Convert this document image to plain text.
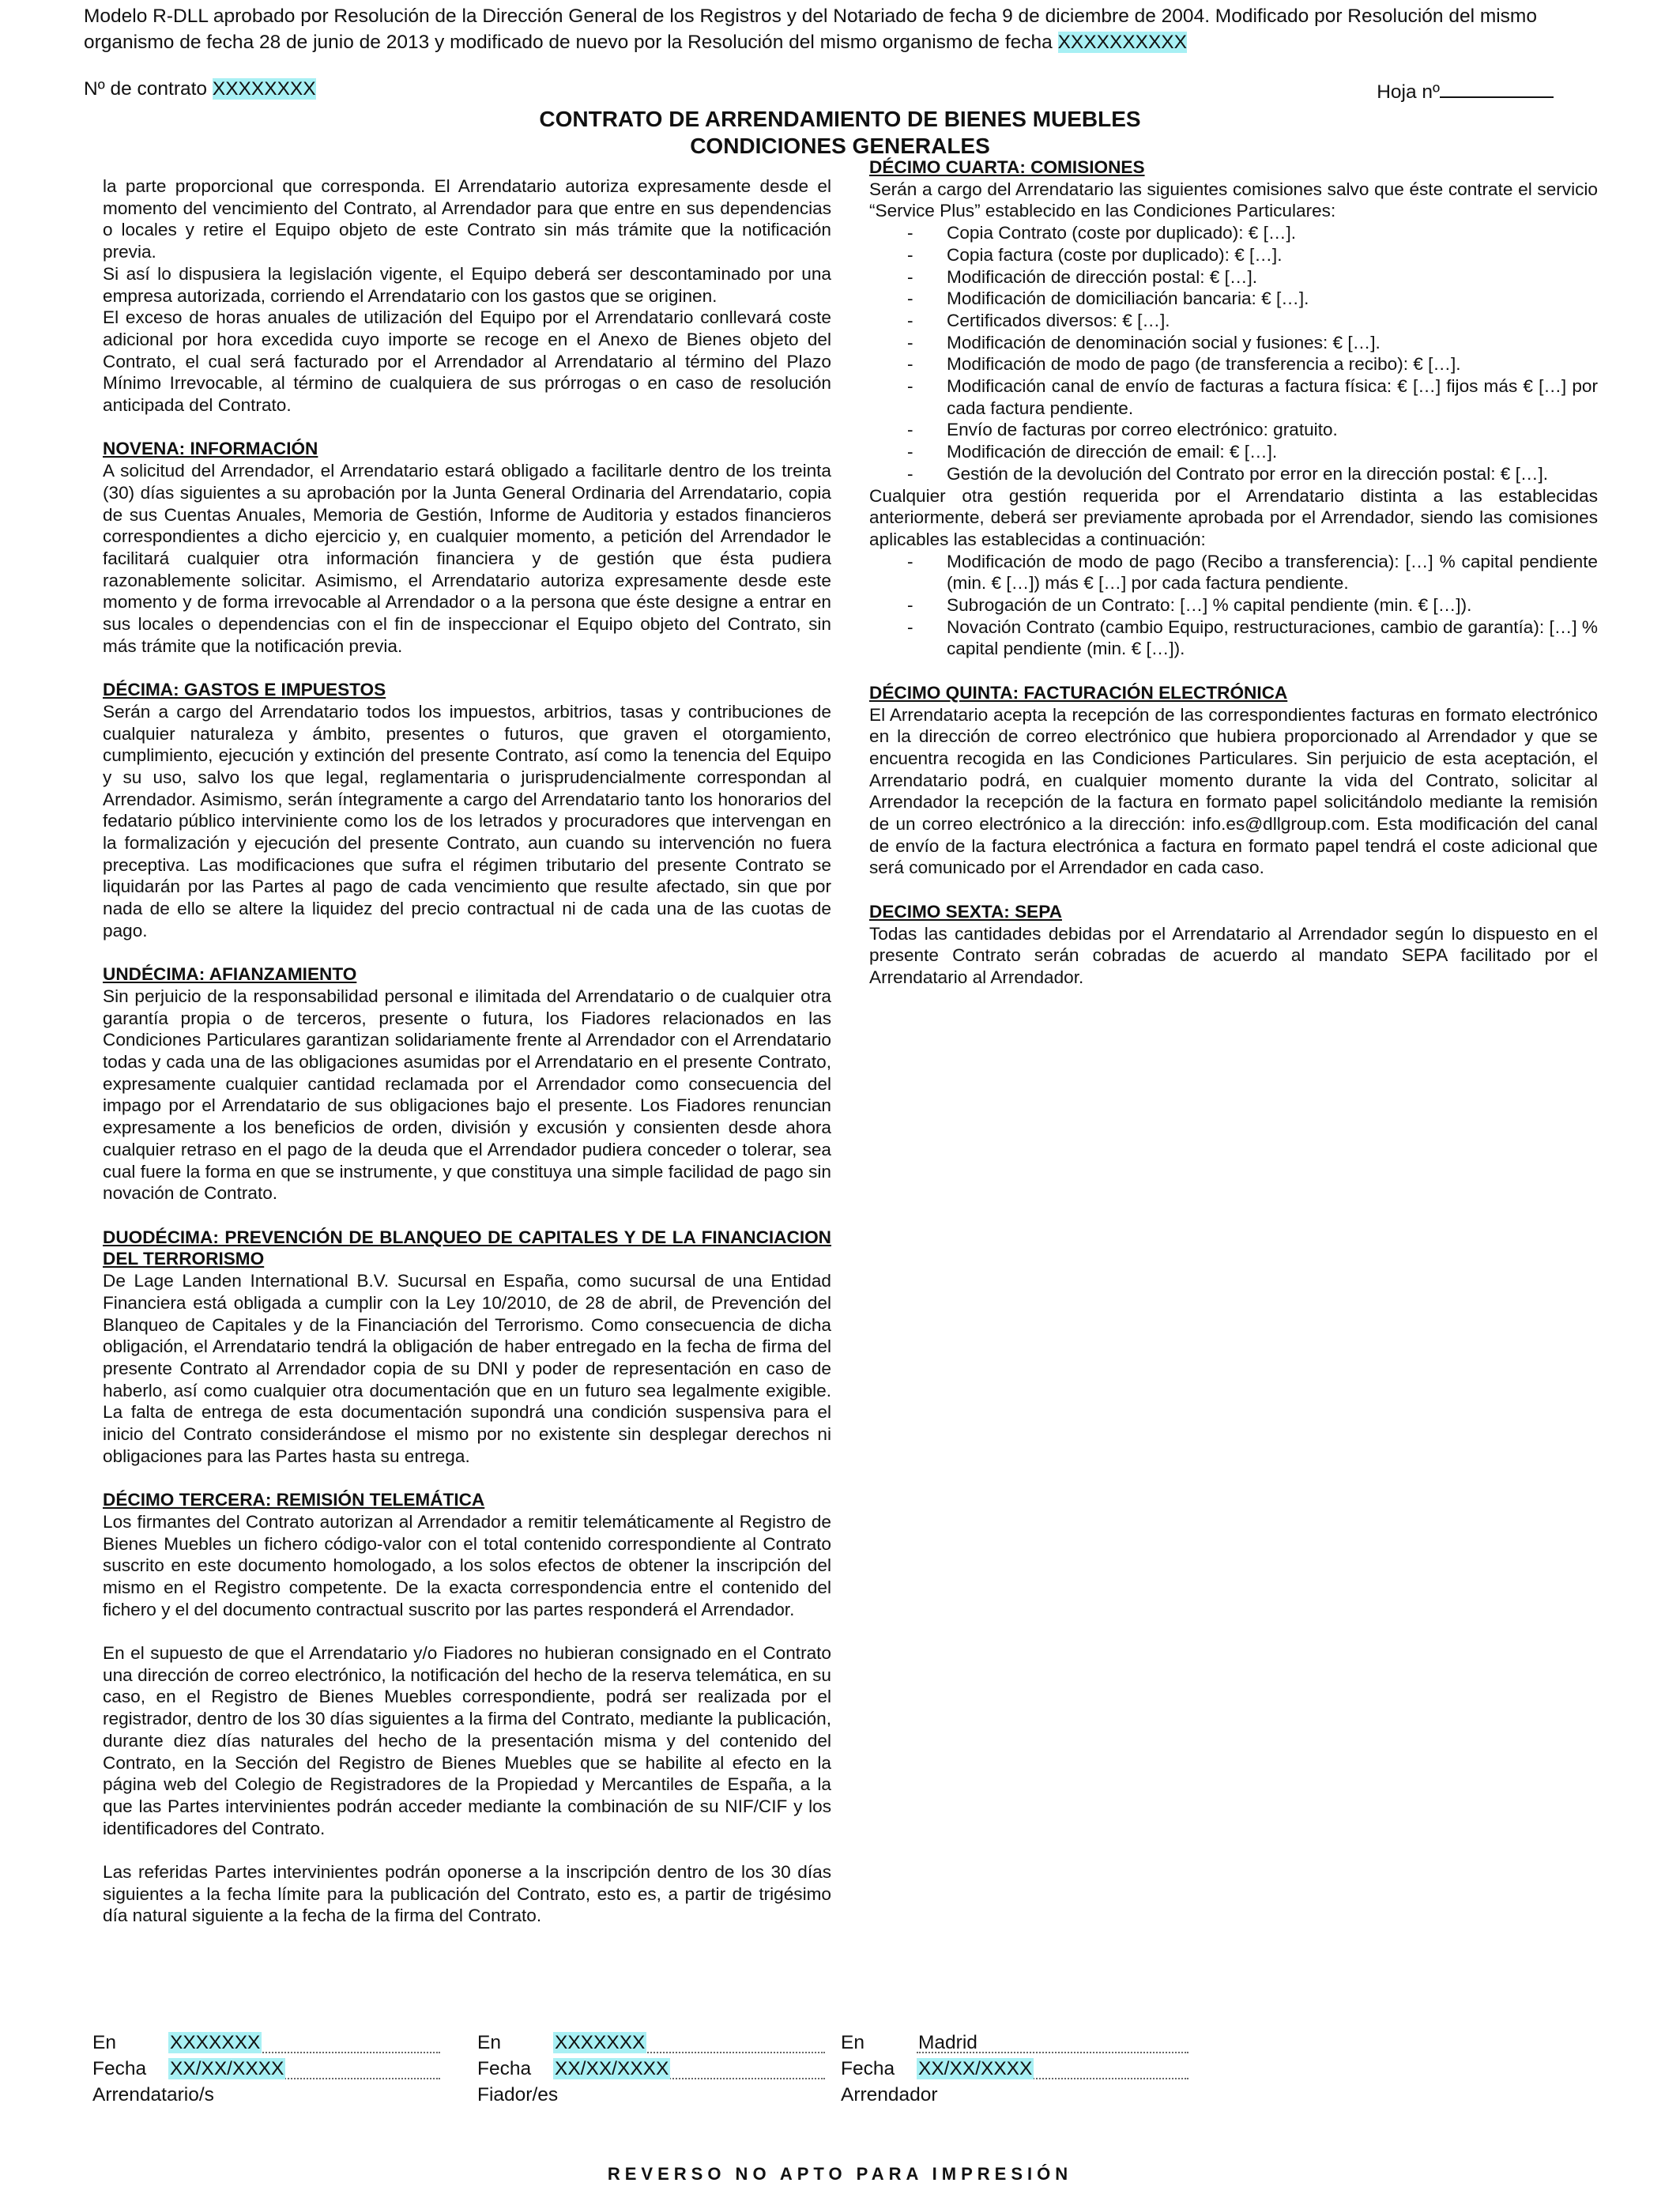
Modelo R-DLL aprobado por Resolución de la Dirección General de los Registros y del Notariado de fecha 9 de diciembre de 2004. Modificado por Resolución del mismo organismo de fecha 28 de junio de 2013 y modificado de nuevo por la Resolución del mismo organismo de fecha XXXXXXXXXX
Nº de contrato XXXXXXXX	Hoja nº
CONTRATO DE ARRENDAMIENTO DE BIENES MUEBLES
CONDICIONES GENERALES

la parte proporcional que corresponda. El Arrendatario autoriza expresamente desde el momento del vencimiento del Contrato, al Arrendador para que entre en sus dependencias o locales y retire el Equipo objeto de este Contrato sin más trámite que la notificación previa.

Si así lo dispusiera la legislación vigente, el Equipo deberá ser descontaminado por una empresa autorizada, corriendo el Arrendatario con los gastos que se originen.

El exceso de horas anuales de utilización del Equipo por el Arrendatario conllevará coste adicional por hora excedida cuyo importe se recoge en el Anexo de Bienes objeto del Contrato, el cual será facturado por el Arrendador al Arrendatario al término del Plazo Mínimo Irrevocable, al término de cualquiera de sus prórrogas o en caso de resolución anticipada del Contrato.

NOVENA: INFORMACIÓN

A solicitud del Arrendador, el Arrendatario estará obligado a facilitarle dentro de los treinta (30) días siguientes a su aprobación por la Junta General Ordinaria del Arrendatario, copia de sus Cuentas Anuales, Memoria de Gestión, Informe de Auditoria y estados financieros correspondientes a dicho ejercicio y, en cualquier momento, a petición del Arrendador le facilitará cualquier otra información financiera y de gestión que ésta pudiera razonablemente solicitar. Asimismo, el Arrendatario autoriza expresamente desde este momento y de forma irrevocable al Arrendador o a la persona que éste designe a entrar en sus locales o dependencias con el fin de inspeccionar el Equipo objeto del Contrato, sin más trámite que la notificación previa.

DÉCIMA: GASTOS E IMPUESTOS

Serán a cargo del Arrendatario todos los impuestos, arbitrios, tasas y contribuciones de cualquier naturaleza y ámbito, presentes o futuros, que graven el otorgamiento, cumplimiento, ejecución y extinción del presente Contrato, así como la tenencia del Equipo y su uso, salvo los que legal, reglamentaria o jurisprudencialmente correspondan al Arrendador. Asimismo, serán íntegramente a cargo del Arrendatario tanto los honorarios del fedatario público interviniente como los de los letrados y procuradores que intervengan en la formalización y ejecución del presente Contrato, aun cuando su intervención no fuera preceptiva. Las modificaciones que sufra el régimen tributario del presente Contrato se liquidarán por las Partes al pago de cada vencimiento que resulte afectado, sin que por nada de ello se altere la liquidez del precio contractual ni de cada una de las cuotas de pago.

UNDÉCIMA: AFIANZAMIENTO

Sin perjuicio de la responsabilidad personal e ilimitada del Arrendatario o de cualquier otra garantía propia o de terceros, presente o futura, los Fiadores relacionados en las Condiciones Particulares garantizan solidariamente frente al Arrendador con el Arrendatario todas y cada una de las obligaciones asumidas por el Arrendatario en el presente Contrato, expresamente cualquier cantidad reclamada por el Arrendador como consecuencia del impago por el Arrendatario de sus obligaciones bajo el presente. Los Fiadores renuncian expresamente a los beneficios de orden, división y excusión y consienten desde ahora cualquier retraso en el pago de la deuda que el Arrendador pudiera conceder o tolerar, sea cual fuere la forma en que se instrumente, y que constituya una simple facilidad de pago sin novación de Contrato.

DUODÉCIMA: PREVENCIÓN DE BLANQUEO DE CAPITALES Y DE LA FINANCIACION DEL TERRORISMO

De Lage Landen International B.V. Sucursal en España, como sucursal de una Entidad Financiera está obligada a cumplir con la Ley 10/2010, de 28 de abril, de Prevención del Blanqueo de Capitales y de la Financiación del Terrorismo. Como consecuencia de dicha obligación, el Arrendatario tendrá la obligación de haber entregado en la fecha de firma del presente Contrato al Arrendador copia de su DNI y poder de representación en caso de haberlo, así como cualquier otra documentación que en un futuro sea legalmente exigible. La falta de entrega de esta documentación supondrá una condición suspensiva para el inicio del Contrato considerándose el mismo por no existente sin desplegar derechos ni obligaciones para las Partes hasta su entrega.

DÉCIMO TERCERA: REMISIÓN TELEMÁTICA

Los firmantes del Contrato autorizan al Arrendador a remitir telemáticamente al Registro de Bienes Muebles un fichero código-valor con el total contenido correspondiente al Contrato suscrito en este documento homologado, a los solos efectos de obtener la inscripción del mismo en el Registro competente. De la exacta correspondencia entre el contenido del fichero y el del documento contractual suscrito por las partes responderá el Arrendador.

En el supuesto de que el Arrendatario y/o Fiadores no hubieran consignado en el Contrato una dirección de correo electrónico, la notificación del hecho de la reserva telemática, en su caso, en el Registro de Bienes Muebles correspondiente, podrá ser realizada por el registrador, dentro de los 30 días siguientes a la firma del Contrato, mediante la publicación, durante diez días naturales del hecho de la presentación misma y del contenido del Contrato, en la Sección del Registro de Bienes Muebles que se habilite al efecto en la página web del Colegio de Registradores de la Propiedad y Mercantiles de España, a la que las Partes intervinientes podrán acceder mediante la combinación de su NIF/CIF y los identificadores del Contrato.

Las referidas Partes intervinientes podrán oponerse a la inscripción dentro de los 30 días siguientes a la fecha límite para la publicación del Contrato, esto es, a partir de trigésimo día natural siguiente a la fecha de la firma del Contrato.

DÉCIMO CUARTA: COMISIONES

Serán a cargo del Arrendatario las siguientes comisiones salvo que éste contrate el servicio “Service Plus” establecido en las Condiciones Particulares:

- Copia Contrato (coste por duplicado): € […].
- Copia factura (coste por duplicado): € […].
- Modificación de dirección postal: € […].
- Modificación de domiciliación bancaria: € […].
- Certificados diversos: € […].
- Modificación de denominación social y fusiones: € […].
- Modificación de modo de pago (de transferencia a recibo): € […].
- Modificación canal de envío de facturas a factura física: € […] fijos más € […] por cada factura pendiente.
- Envío de facturas por correo electrónico: gratuito.
- Modificación de dirección de email: € […].
- Gestión de la devolución del Contrato por error en la dirección postal: € […].

Cualquier otra gestión requerida por el Arrendatario distinta a las establecidas anteriormente, deberá ser previamente aprobada por el Arrendador, siendo las comisiones aplicables las establecidas a continuación:

- Modificación de modo de pago (Recibo a transferencia): […] % capital pendiente (min. € […]) más € […] por cada factura pendiente.
- Subrogación de un Contrato: […] % capital pendiente (min. € […]).
- Novación Contrato (cambio Equipo, restructuraciones, cambio de garantía): […] % capital pendiente (min. € […]).

DÉCIMO QUINTA: FACTURACIÓN ELECTRÓNICA

El Arrendatario acepta la recepción de las correspondientes facturas en formato electrónico en la dirección de correo electrónico que hubiera proporcionado al Arrendador y que se encuentra recogida en las Condiciones Particulares. Sin perjuicio de esta aceptación, el Arrendatario podrá, en cualquier momento durante la vida del Contrato, solicitar al Arrendador la recepción de la factura en formato papel solicitándolo mediante la remisión de un correo electrónico a la dirección: info.es@dllgroup.com. Esta modificación del canal de envío de la factura electrónica a factura en formato papel tendrá el coste adicional que será comunicado por el Arrendador en cada caso.

DECIMO SEXTA: SEPA

Todas las cantidades debidas por el Arrendatario al Arrendador según lo dispuesto en el presente Contrato serán cobradas de acuerdo al mandato SEPA facilitado por el Arrendatario al Arrendador.

En	XXXXXXX
Fecha XX/XX/XXXX
Arrendatario/s
En	XXXXXXX
Fecha XX/XX/XXXX
Fiador/es
En	Madrid
Fecha XX/XX/XXXX
Arrendador
REVERSO NO APTO PARA IMPRESIÓN
